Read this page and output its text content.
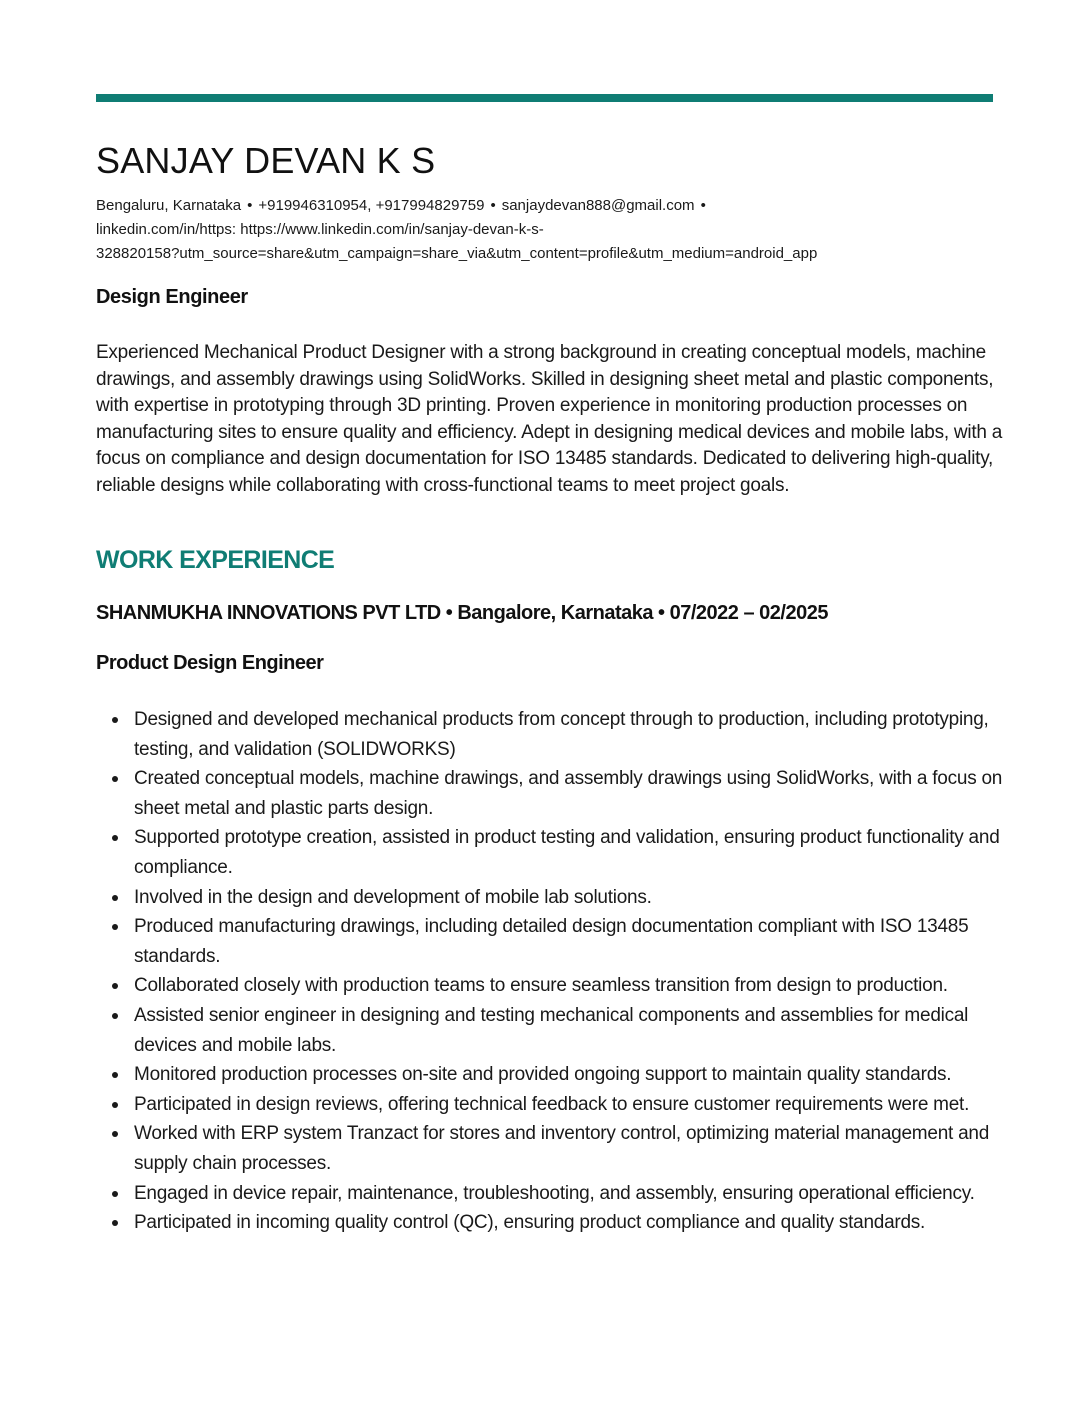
SANJAY DEVAN K S
Bengaluru, Karnataka • +919946310954, +917994829759 • sanjaydevan888@gmail.com •
linkedin.com/in/https: https://www.linkedin.com/in/sanjay-devan-k-s-
328820158?utm_source=share&utm_campaign=share_via&utm_content=profile&utm_medium=android_app
Design Engineer

Experienced Mechanical Product Designer with a strong background in creating conceptual models, machine drawings, and assembly drawings using SolidWorks. Skilled in designing sheet metal and plastic components, with expertise in prototyping through 3D printing. Proven experience in monitoring production processes on manufacturing sites to ensure quality and efficiency. Adept in designing medical devices and mobile labs, with a focus on compliance and design documentation for ISO 13485 standards. Dedicated to delivering high-quality, reliable designs while collaborating with cross-functional teams to meet project goals.

WORK EXPERIENCE
SHANMUKHA INNOVATIONS PVT LTD • Bangalore, Karnataka • 07/2022 – 02/2025
Product Design Engineer
Designed and developed mechanical products from concept through to production, including prototyping, testing, and validation (SOLIDWORKS)
Created conceptual models, machine drawings, and assembly drawings using SolidWorks, with a focus on sheet metal and plastic parts design.
Supported prototype creation, assisted in product testing and validation, ensuring product functionality and compliance.
Involved in the design and development of mobile lab solutions.
Produced manufacturing drawings, including detailed design documentation compliant with ISO 13485 standards.
Collaborated closely with production teams to ensure seamless transition from design to production.
Assisted senior engineer in designing and testing mechanical components and assemblies for medical devices and mobile labs.
Monitored production processes on-site and provided ongoing support to maintain quality standards.
Participated in design reviews, offering technical feedback to ensure customer requirements were met.
Worked with ERP system Tranzact for stores and inventory control, optimizing material management and supply chain processes.
Engaged in device repair, maintenance, troubleshooting, and assembly, ensuring operational efficiency.
Participated in incoming quality control (QC), ensuring product compliance and quality standards.
